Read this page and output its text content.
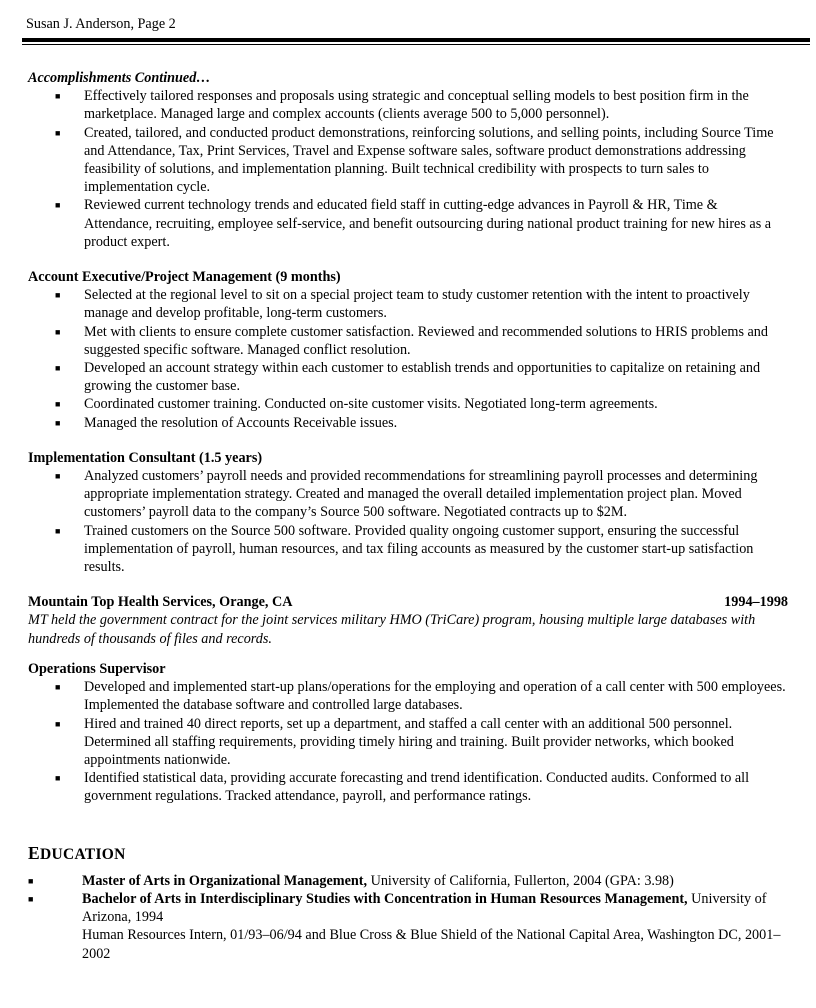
Susan J. Anderson, Page 2
Accomplishments Continued…
■ Effectively tailored responses and proposals using strategic and conceptual selling models to best position firm in the marketplace. Managed large and complex accounts (clients average 500 to 5,000 personnel).
■ Created, tailored, and conducted product demonstrations, reinforcing solutions, and selling points, including Source Time and Attendance, Tax, Print Services, Travel and Expense software sales, software product demonstrations addressing feasibility of solutions, and implementation planning. Built technical credibility with prospects to turn sales to implementation cycle.
■ Reviewed current technology trends and educated field staff in cutting-edge advances in Payroll & HR, Time & Attendance, recruiting, employee self-service, and benefit outsourcing during national product training for new hires as a product expert.
Account Executive/Project Management (9 months)
■ Selected at the regional level to sit on a special project team to study customer retention with the intent to proactively manage and develop profitable, long-term customers.
■ Met with clients to ensure complete customer satisfaction. Reviewed and recommended solutions to HRIS problems and suggested specific software. Managed conflict resolution.
■ Developed an account strategy within each customer to establish trends and opportunities to capitalize on retaining and growing the customer base.
■ Coordinated customer training. Conducted on-site customer visits. Negotiated long-term agreements.
■ Managed the resolution of Accounts Receivable issues.
Implementation Consultant (1.5 years)
■ Analyzed customers’ payroll needs and provided recommendations for streamlining payroll processes and determining appropriate implementation strategy. Created and managed the overall detailed implementation project plan. Moved customers’ payroll data to the company’s Source 500 software. Negotiated contracts up to $2M.
■ Trained customers on the Source 500 software. Provided quality ongoing customer support, ensuring the successful implementation of payroll, human resources, and tax filing accounts as measured by the customer start-up satisfaction results.
Mountain Top Health Services, Orange, CA	1994–1998
MT held the government contract for the joint services military HMO (TriCare) program, housing multiple large databases with hundreds of thousands of files and records.
Operations Supervisor
■ Developed and implemented start-up plans/operations for the employing and operation of a call center with 500 employees. Implemented the database software and controlled large databases.
■ Hired and trained 40 direct reports, set up a department, and staffed a call center with an additional 500 personnel. Determined all staffing requirements, providing timely hiring and training. Built provider networks, which booked appointments nationwide.
■ Identified statistical data, providing accurate forecasting and trend identification. Conducted audits. Conformed to all government regulations. Tracked attendance, payroll, and performance ratings.
EDUCATION
■	Master of Arts in Organizational Management, University of California, Fullerton, 2004 (GPA: 3.98)
■	Bachelor of Arts in Interdisciplinary Studies with Concentration in Human Resources Management, University of Arizona, 1994
Human Resources Intern, 01/93–06/94 and Blue Cross & Blue Shield of the National Capital Area, Washington DC, 2001–2002
